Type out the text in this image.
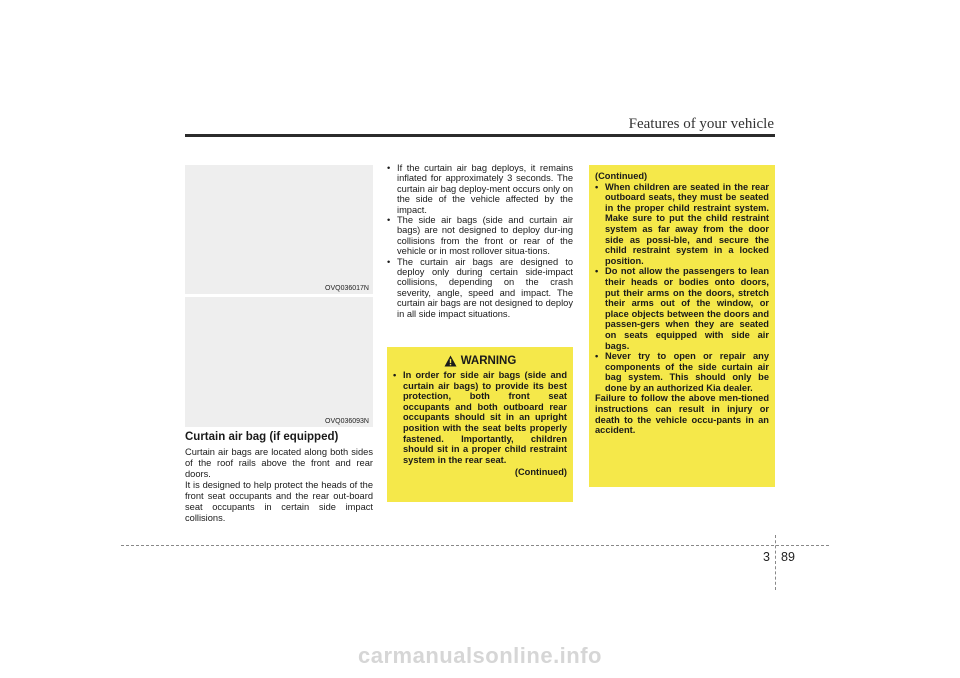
Features of your vehicle
OVQ036017N
OVQ036093N
Curtain air bag (if equipped)

Curtain air bags are located along both sides of the roof rails above the front and rear doors.

It is designed to help protect the heads of the front seat occupants and the rear out-board seat occupants in certain side impact collisions.

• If the curtain air bag deploys, it remains inflated for approximately 3 seconds. The curtain air bag deploy-ment occurs only on the side of the vehicle affected by the impact.
• The side air bags (side and curtain air bags) are not designed to deploy dur-ing collisions from the front or rear of the vehicle or in most rollover situa-tions.
• The curtain air bags are designed to deploy only during certain side-impact collisions, depending on the crash severity, angle, speed and impact. The curtain air bags are not designed to deploy in all side impact situations.
WARNING
• In order for side air bags (side and curtain air bags) to provide its best protection, both front seat occupants and both outboard rear occupants should sit in an upright position with the seat belts properly fastened. Importantly, children should sit in a proper child restraint system in the rear seat.
(Continued)

(Continued)

• When children are seated in the rear outboard seats, they must be seated in the proper child restraint system. Make sure to put the child restraint system as far away from the door side as possi-ble, and secure the child restraint system in a locked position.
• Do not allow the passengers to lean their heads or bodies onto doors, put their arms on the doors, stretch their arms out of the window, or place objects between the doors and passen-gers when they are seated on seats equipped with side air bags.
• Never try to open or repair any components of the side curtain air bag system. This should only be done by an authorized Kia dealer.

Failure to follow the above men-tioned instructions can result in injury or death to the vehicle occu-pants in an accident.

3 89
carmanualsonline.info
